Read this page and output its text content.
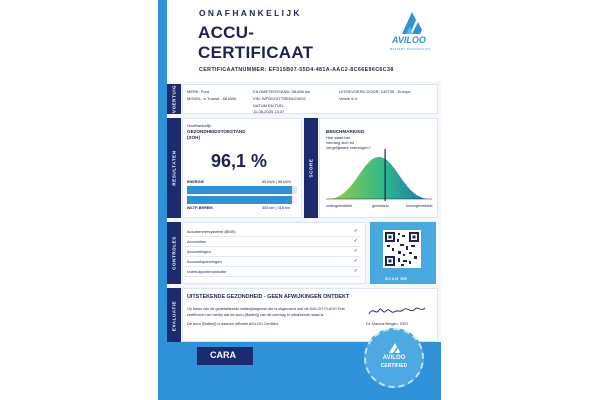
ONAFHANKELIJK
ACCU-
CERTIFICAAT
CERTIFICAATNUMMER: EF315B07-55D4-481A-AAC2-8C66E96C6C38
AVILOO
BATTERY DIAGNOSTICS
VOERTUIG	MERK: Ford
MODEL: e-Transit - 68 kWh	VIN: WF0EXXTTRENU23032
KILOMETERSTAND: 58.696 km
DATUM EN TIJD:
11-06-2025 13:37
UITGEVOERD DOOR: 139735 - Europe
Versie 6.4
RESULTATEN
Onafhankelijk
GEZONDHEIDSTOESTAND
(SOH)
96,1 %
ENERGIE	65 kWh | 68 kWh
WLTP-BEREIK	305 km | 318 km
SCORE
BENCHMARKING
Hoe staat het
voertuig zich tot
vergelijkbare voertuigen?
ondergemiddeld	gemiddeld	bovengemiddeld
CONTROLES
Accubeheersysteem (BMS)	✓
Accucellen	✓
Accuvelingen	✓
Accucelspanningen	✓
Voertuigcommunicatie	✓
SCAN ME
EVALUATIE
UITSTEKENDE GEZONDHEID - GEEN AFWIJKINGEN ONTDEKT
Op basis van de gedetailleerde batterijdiagnose die is uitgevoerd met de AVILOO FLASH Test,
certificeren we hierby dat de accu (Batterij) van dit voertuig in uitstekende staat is.
De accu (Batterij) is daarom officieel AVILOO Certified.	Dr. Marcus Bergen, CEO
CARA	AVILOO
CERTIFIED
